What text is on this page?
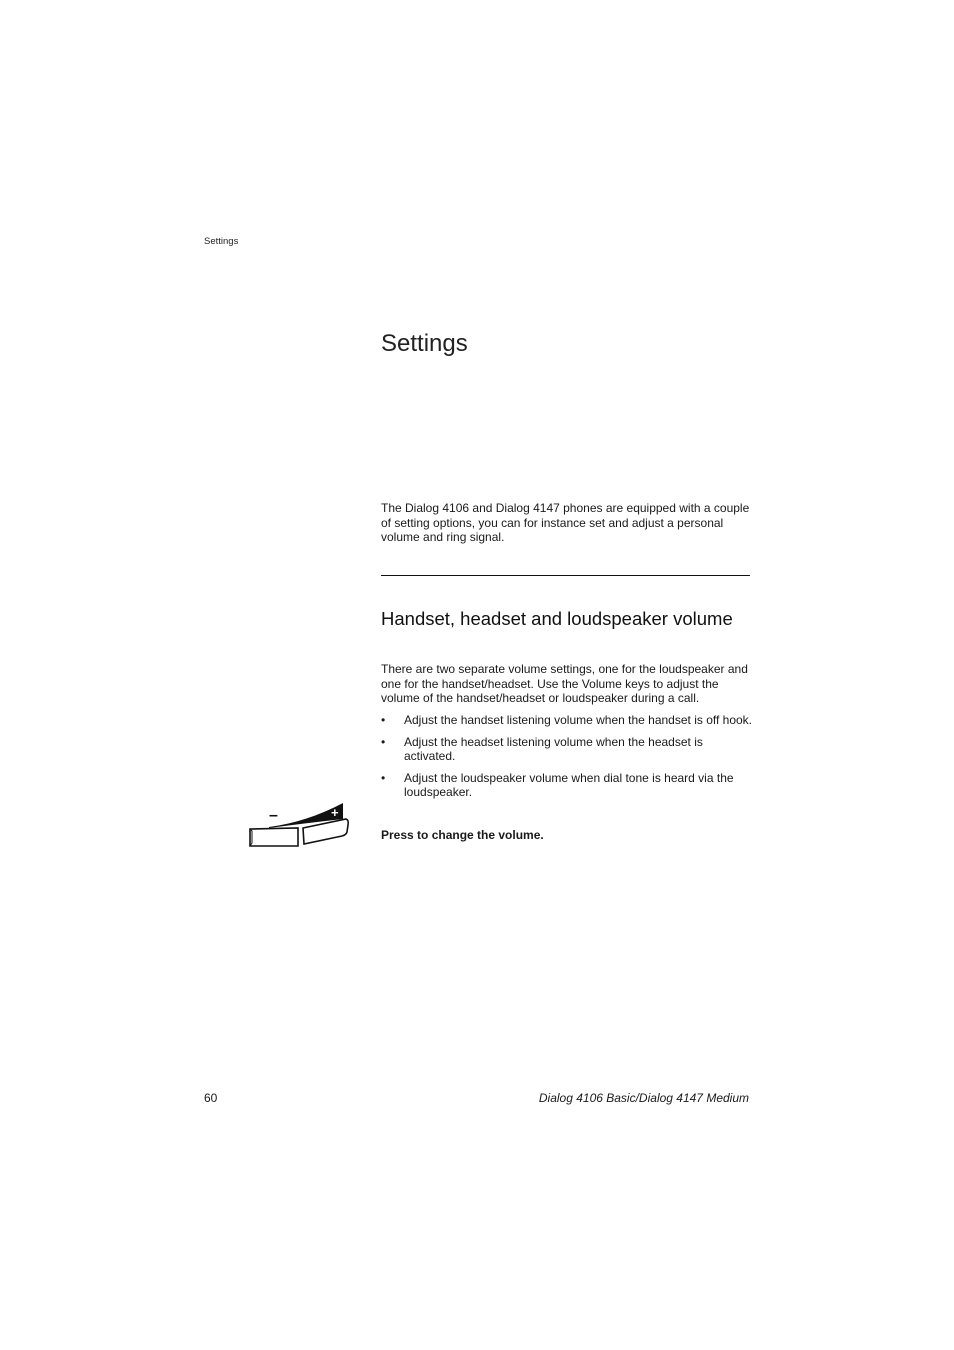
Settings
Settings

The Dialog 4106 and Dialog 4147 phones are equipped with a couple of setting options, you can for instance set and adjust a personal volume and ring signal.

Handset, headset and loudspeaker volume

There are two separate volume settings, one for the loudspeaker and one for the handset/headset. Use the Volume keys to adjust the volume of the handset/headset or loudspeaker during a call.

• Adjust the handset listening volume when the handset is off hook.
• Adjust the headset listening volume when the headset is activated.
• Adjust the loudspeaker volume when dial tone is heard via the loudspeaker.
–	+

Press to change the volume.

60	Dialog 4106 Basic/Dialog 4147 Medium
